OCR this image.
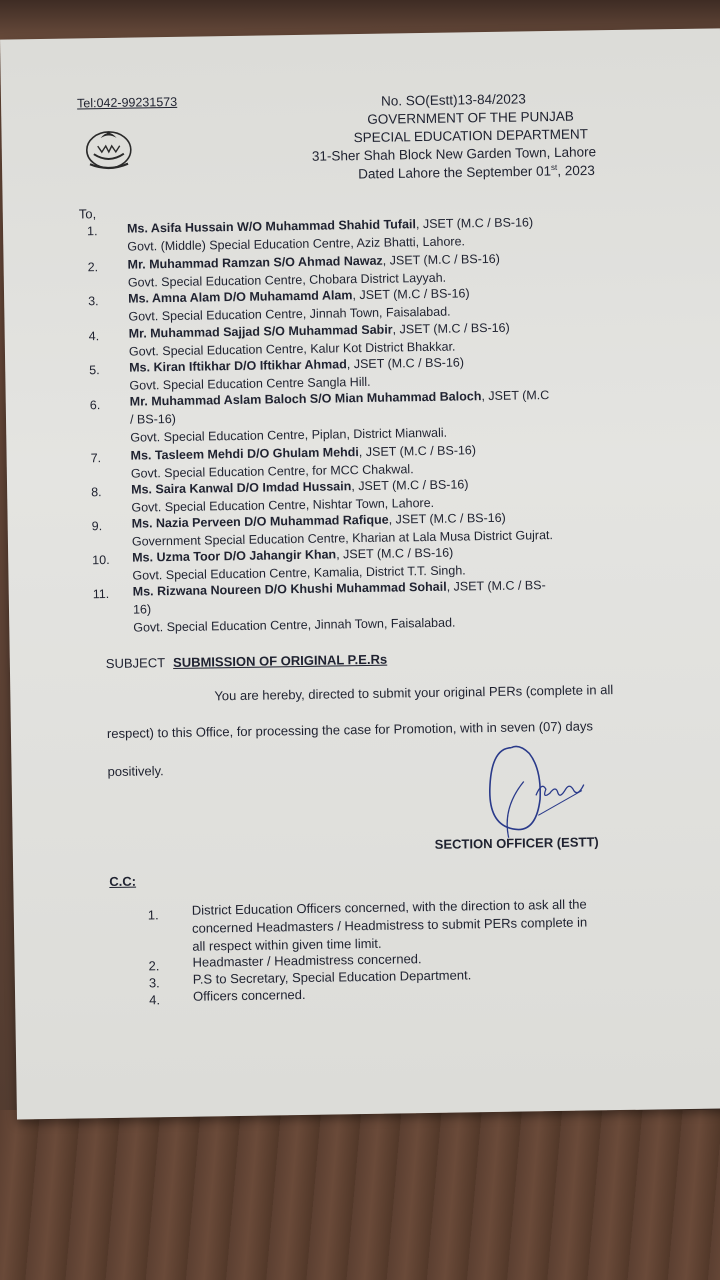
Tel:042-99231573	No. SO(Estt)13-84/2023
GOVERNMENT OF THE PUNJAB
SPECIAL EDUCATION DEPARTMENT
31-Sher Shah Block New Garden Town, Lahore
Dated Lahore the September 01st, 2023
To,
1. Ms. Asifa Hussain W/O Muhammad Shahid Tufail, JSET (M.C / BS-16)
Govt. (Middle) Special Education Centre, Aziz Bhatti, Lahore.
2. Mr. Muhammad Ramzan S/O Ahmad Nawaz, JSET (M.C / BS-16)
Govt. Special Education Centre, Chobara District Layyah.
3. Ms. Amna Alam D/O Muhamamd Alam, JSET (M.C / BS-16)
Govt. Special Education Centre, Jinnah Town, Faisalabad.
4. Mr. Muhammad Sajjad S/O Muhammad Sabir, JSET (M.C / BS-16)
Govt. Special Education Centre, Kalur Kot District Bhakkar.
5. Ms. Kiran Iftikhar D/O Iftikhar Ahmad, JSET (M.C / BS-16)
Govt. Special Education Centre Sangla Hill.
6. Mr. Muhammad Aslam Baloch S/O Mian Muhammad Baloch, JSET (M.C
/ BS-16)
Govt. Special Education Centre, Piplan, District Mianwali.
7. Ms. Tasleem Mehdi D/O Ghulam Mehdi, JSET (M.C / BS-16)
Govt. Special Education Centre, for MCC Chakwal.
8. Ms. Saira Kanwal D/O Imdad Hussain, JSET (M.C / BS-16)
Govt. Special Education Centre, Nishtar Town, Lahore.
9. Ms. Nazia Perveen D/O Muhammad Rafique, JSET (M.C / BS-16)
Government Special Education Centre, Kharian at Lala Musa District Gujrat.
10. Ms. Uzma Toor D/O Jahangir Khan, JSET (M.C / BS-16)
Govt. Special Education Centre, Kamalia, District T.T. Singh.
11. Ms. Rizwana Noureen D/O Khushi Muhammad Sohail, JSET (M.C / BS-
16)
Govt. Special Education Centre, Jinnah Town, Faisalabad.
SUBJECT SUBMISSION OF ORIGINAL P.E.Rs
You are hereby, directed to submit your original PERs (complete in all
respect) to this Office, for processing the case for Promotion, with in seven (07) days
positively.
SECTION OFFICER (ESTT)
C.C:
1.	District Education Officers concerned, with the direction to ask all the
concerned Headmasters / Headmistress to submit PERs complete in
all respect within given time limit.
2.	Headmaster / Headmistress concerned.
3.	P.S to Secretary, Special Education Department.
4.	Officers concerned.
